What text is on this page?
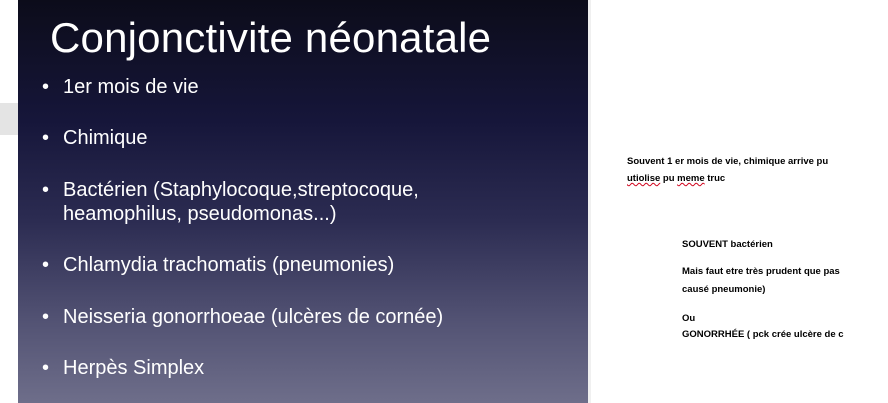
Conjonctivite néonatale
• 1er mois de vie
• Chimique
• Bactérien (Staphylocoque,streptocoque,
heamophilus, pseudomonas...)
• Chlamydia trachomatis (pneumonies)
• Neisseria gonorrhoeae (ulcères de cornée)
• Herpès Simplex
Souvent 1 er mois de vie, chimique arrive pu
utiolise pu meme truc
SOUVENT bactérien
Mais faut etre très prudent que pas
causé pneumonie)
Ou
GONORRHÉE ( pck crée ulcère de c
